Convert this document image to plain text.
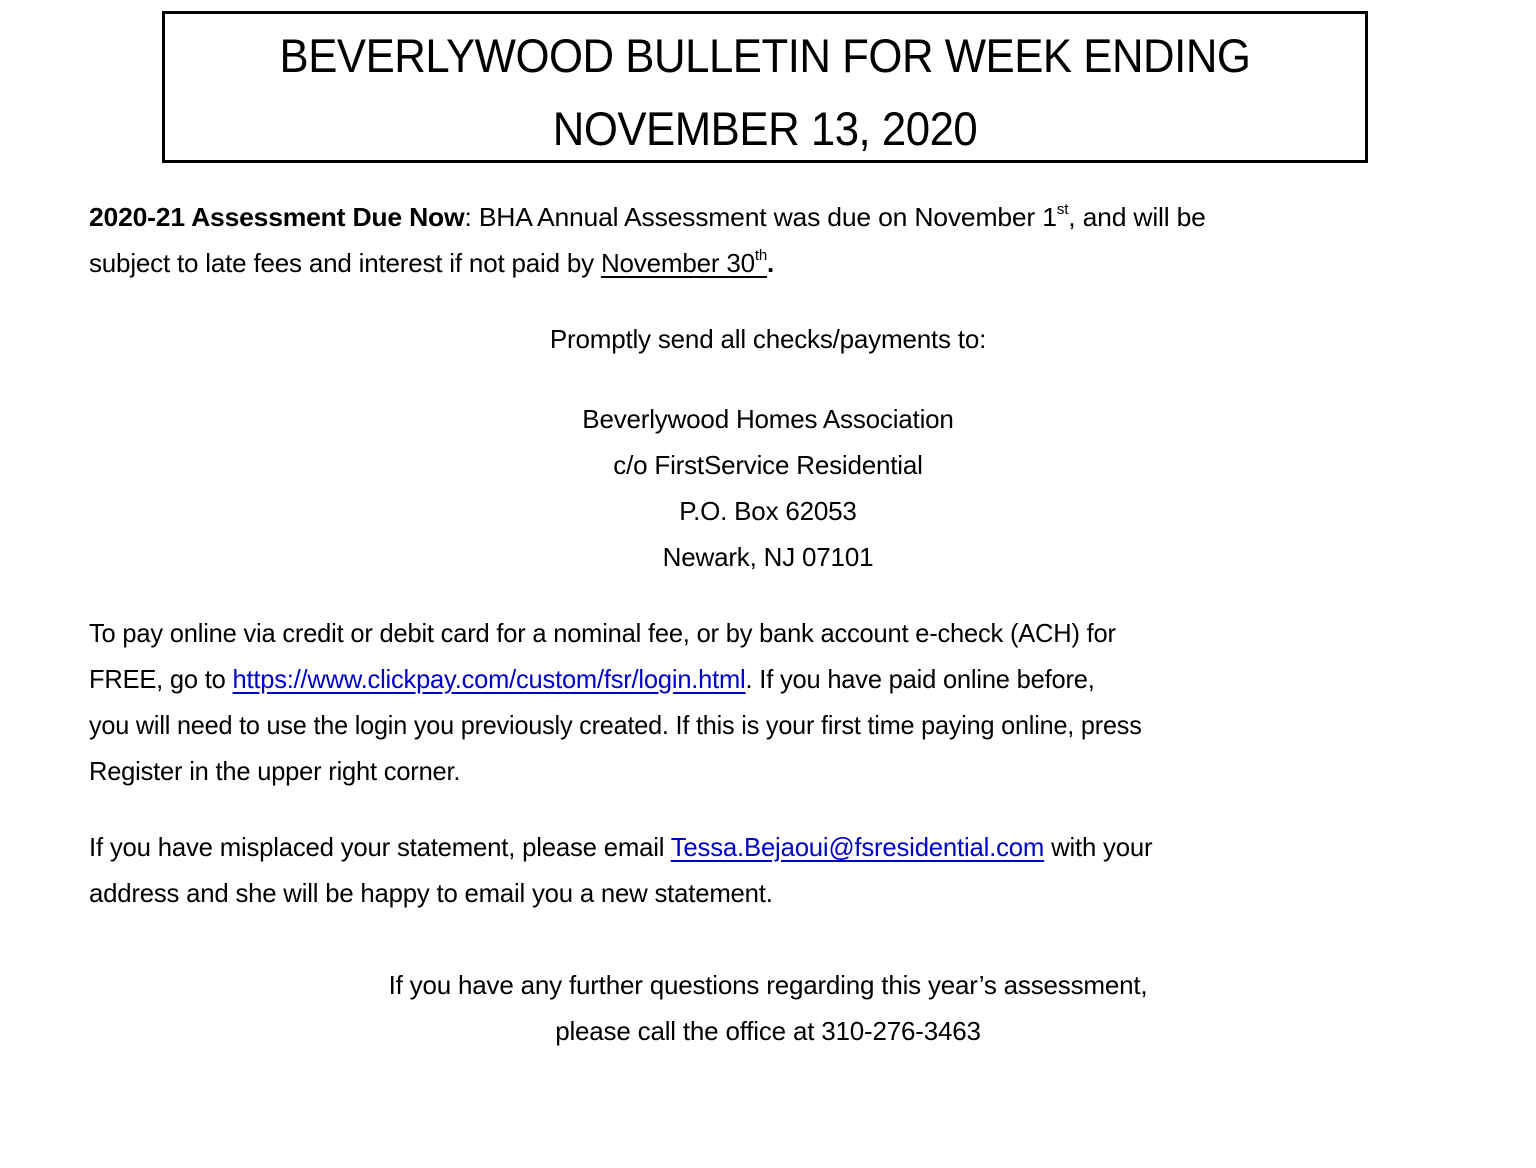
BEVERLYWOOD BULLETIN FOR WEEK ENDING
NOVEMBER 13, 2020
2020-21 Assessment Due Now: BHA Annual Assessment was due on November 1st, and will be
subject to late fees and interest if not paid by November 30th.
Promptly send all checks/payments to:
Beverlywood Homes Association
c/o FirstService Residential
P.O. Box 62053
Newark, NJ 07101
To pay online via credit or debit card for a nominal fee, or by bank account e-check (ACH) for
FREE, go to https://www.clickpay.com/custom/fsr/login.html. If you have paid online before,
you will need to use the login you previously created. If this is your first time paying online, press
Register in the upper right corner.
If you have misplaced your statement, please email Tessa.Bejaoui@fsresidential.com with your
address and she will be happy to email you a new statement.
If you have any further questions regarding this year’s assessment,
please call the office at 310-276-3463
